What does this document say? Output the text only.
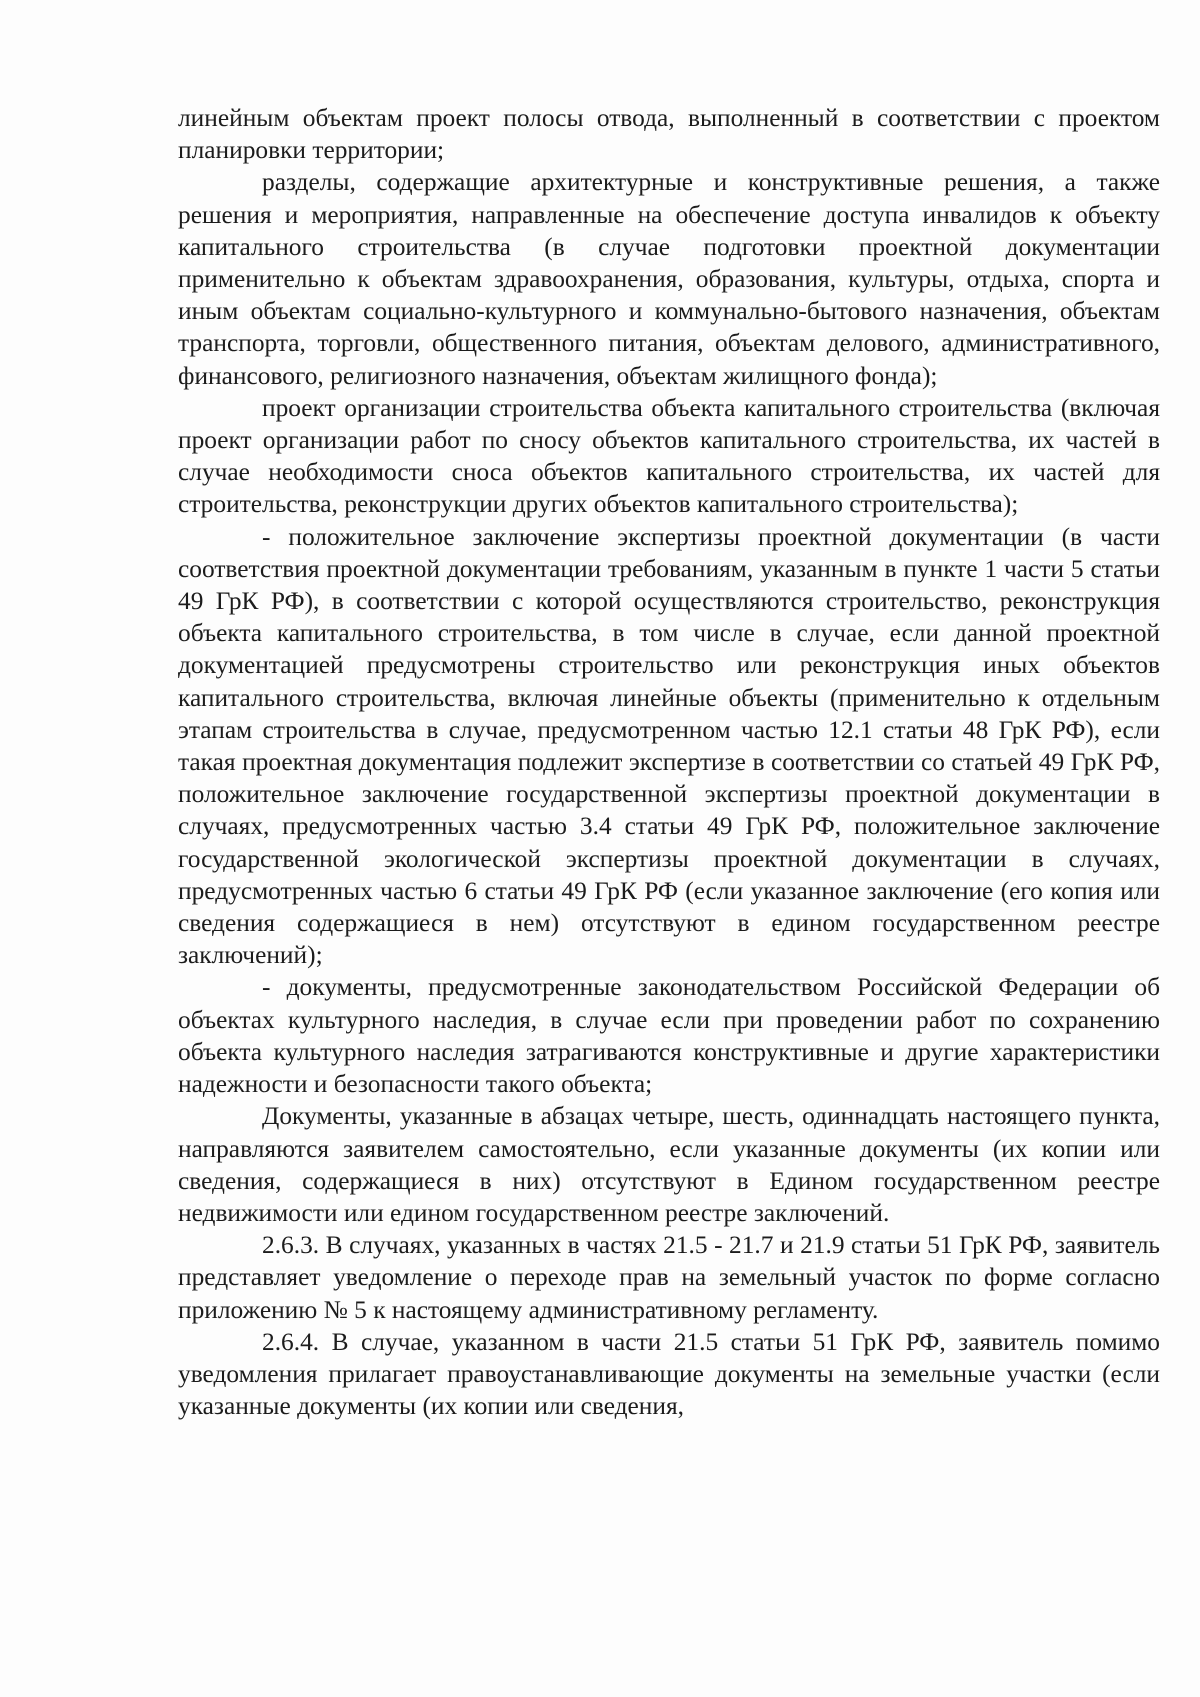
линейным объектам проект полосы отвода, выполненный в соответствии с проектом планировки территории;

разделы, содержащие архитектурные и конструктивные решения, а также решения и мероприятия, направленные на обеспечение доступа инвалидов к объекту капитального строительства (в случае подготовки проектной документации применительно к объектам здравоохранения, образования, культуры, отдыха, спорта и иным объектам социально-культурного и коммунально-бытового назначения, объектам транспорта, торговли, общественного питания, объектам делового, административного, финансового, религиозного назначения, объектам жилищного фонда);

проект организации строительства объекта капитального строительства (включая проект организации работ по сносу объектов капитального строительства, их частей в случае необходимости сноса объектов капитального строительства, их частей для строительства, реконструкции других объектов капитального строительства);

- положительное заключение экспертизы проектной документации (в части соответствия проектной документации требованиям, указанным в пункте 1 части 5 статьи 49 ГрК РФ), в соответствии с которой осуществляются строительство, реконструкция объекта капитального строительства, в том числе в случае, если данной проектной документацией предусмотрены строительство или реконструкция иных объектов капитального строительства, включая линейные объекты (применительно к отдельным этапам строительства в случае, предусмотренном частью 12.1 статьи 48 ГрК РФ), если такая проектная документация подлежит экспертизе в соответствии со статьей 49 ГрК РФ, положительное заключение государственной экспертизы проектной документации в случаях, предусмотренных частью 3.4 статьи 49 ГрК РФ, положительное заключение государственной экологической экспертизы проектной документации в случаях, предусмотренных частью 6 статьи 49 ГрК РФ (если указанное заключение (его копия или сведения содержащиеся в нем) отсутствуют в едином государственном реестре заключений);

- документы, предусмотренные законодательством Российской Федерации об объектах культурного наследия, в случае если при проведении работ по сохранению объекта культурного наследия затрагиваются конструктивные и другие характеристики надежности и безопасности такого объекта;

Документы, указанные в абзацах четыре, шесть, одиннадцать настоящего пункта, направляются заявителем самостоятельно, если указанные документы (их копии или сведения, содержащиеся в них) отсутствуют в Едином государственном реестре недвижимости или едином государственном реестре заключений.

2.6.3. В случаях, указанных в частях 21.5 - 21.7 и 21.9 статьи 51 ГрК РФ, заявитель представляет уведомление о переходе прав на земельный участок по форме согласно приложению № 5 к настоящему административному регламенту.

2.6.4. В случае, указанном в части 21.5 статьи 51 ГрК РФ, заявитель помимо уведомления прилагает правоустанавливающие документы на земельные участки (если указанные документы (их копии или сведения,
